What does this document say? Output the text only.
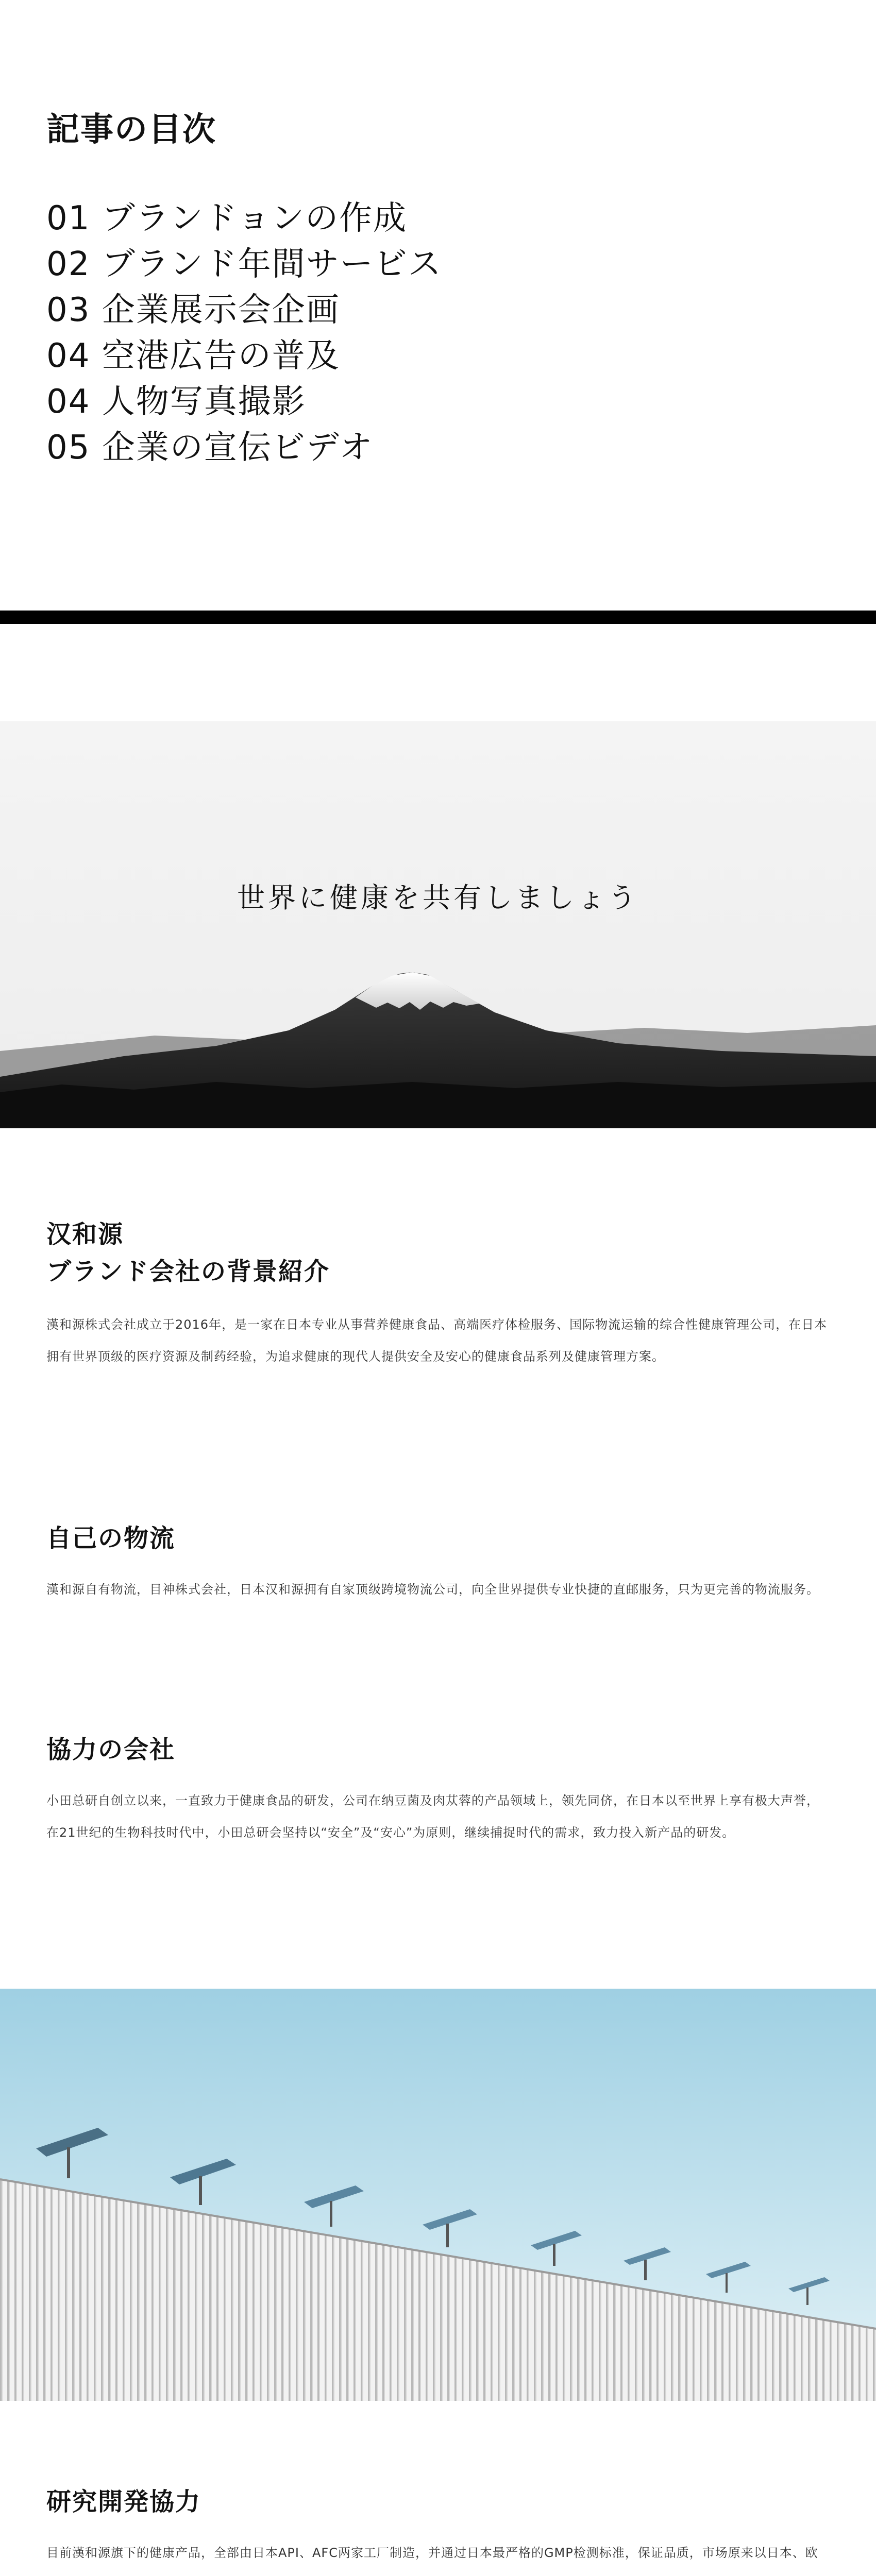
記事の目次
01 ブランドョンの作成
02 ブランド年間サービス
03 企業展示会企画
04 空港広告の普及
04 人物写真撮影
05 企業の宣伝ビデオ
世界に健康を共有しましょう
汉和源
ブランド会社の背景紹介

漢和源株式会社成立于2016年，是一家在日本专业从事营养健康食品、高端医疗体检服务、国际物流运输的综合性健康管理公司，在日本拥有世界顶级的医疗资源及制药经验，为追求健康的现代人提供安全及安心的健康食品系列及健康管理方案。

自己の物流

漢和源自有物流，目神株式会社，日本汉和源拥有自家顶级跨境物流公司，向全世界提供专业快捷的直邮服务，只为更完善的物流服务。

協力の会社

小田总研自创立以来，一直致力于健康食品的研发，公司在纳豆菌及肉苁蓉的产品领域上，领先同侪，在日本以至世界上享有极大声誉，在21世纪的生物科技时代中，小田总研会坚持以“安全”及“安心”为原则，继续捕捉时代的需求，致力投入新产品的研发。

研究開発協力

目前漢和源旗下的健康产品，全部由日本API、AFC两家工厂制造，并通过日本最严格的GMP检测标准，保证品质，市场原来以日本、欧
